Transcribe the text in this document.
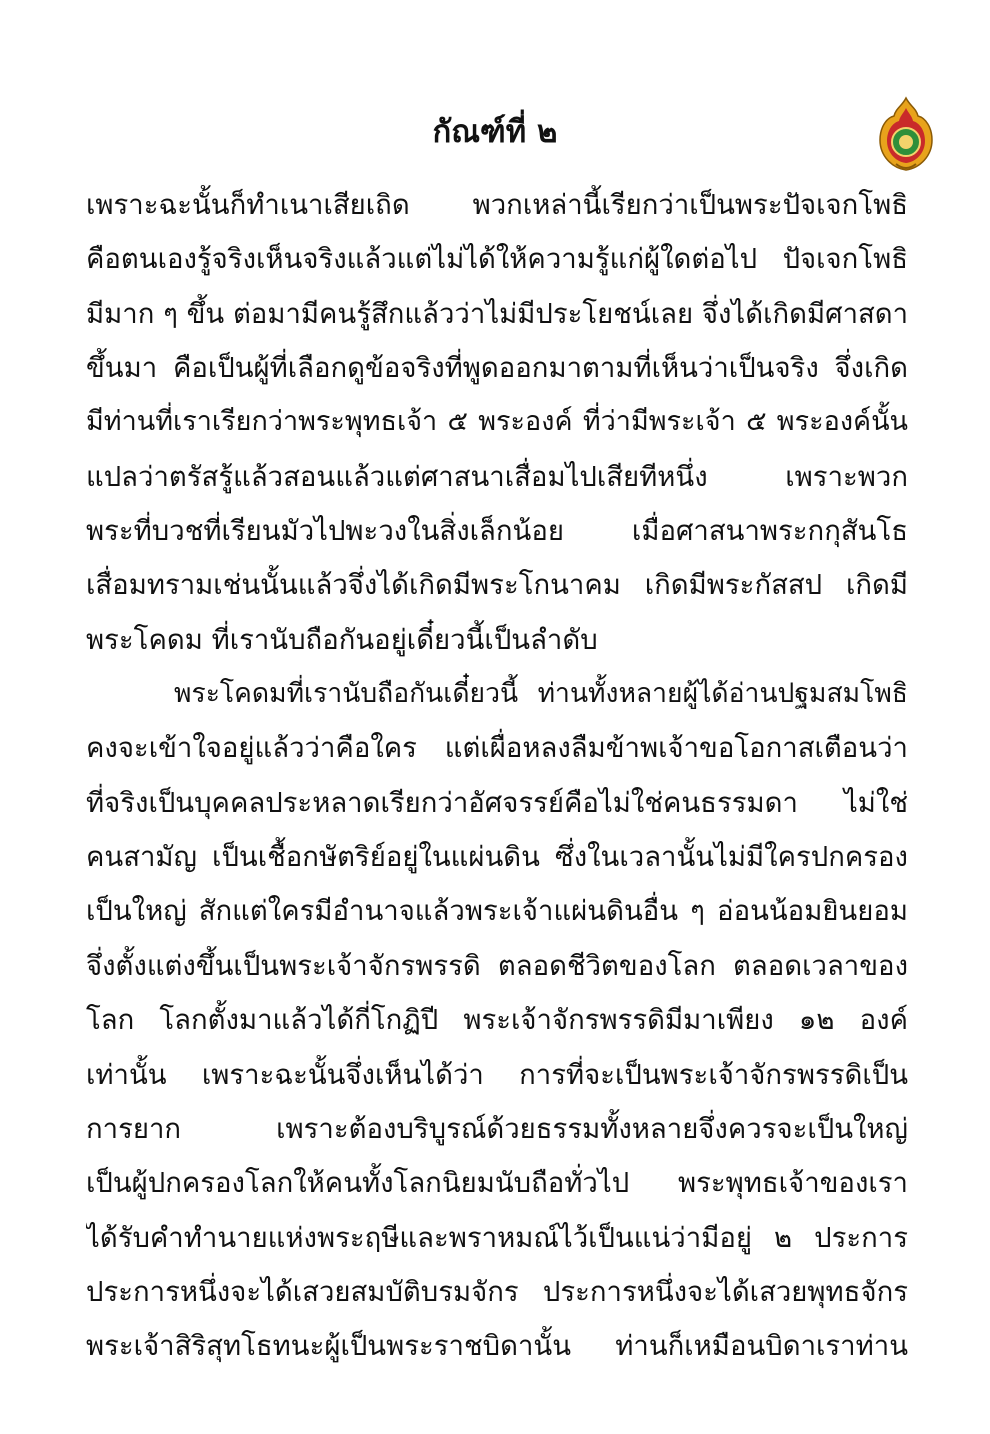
กัณฑ์ที่ ๒
เพราะฉะนั้นก็ทำเนาเสียเถิด พวกเหล่านี้เรียกว่าเป็นพระปัจเจกโพธิ
คือตนเองรู้จริงเห็นจริงแล้วแต่ไม่ได้ให้ความรู้แก่ผู้ใดต่อไป ปัจเจกโพธิ
มีมาก ๆ ขึ้น ต่อมามีคนรู้สึกแล้วว่าไม่มีประโยชน์เลย จึ่งได้เกิดมีศาสดา
ขึ้นมา คือเป็นผู้ที่เลือกดูข้อจริงที่พูดออกมาตามที่เห็นว่าเป็นจริง จึ่งเกิด
มีท่านที่เราเรียกว่าพระพุทธเจ้า ๕ พระองค์ ที่ว่ามีพระเจ้า ๕ พระองค์นั้น
แปลว่าตรัสรู้แล้วสอนแล้วแต่ศาสนาเสื่อมไปเสียทีหนึ่ง เพราะพวก
พระที่บวชที่เรียนมัวไปพะวงในสิ่งเล็กน้อย เมื่อศาสนาพระกกุสันโธ
เสื่อมทรามเช่นนั้นแล้วจึ่งได้เกิดมีพระโกนาคม เกิดมีพระกัสสป เกิดมี
พระโคดม ที่เรานับถือกันอยู่เดี๋ยวนี้เป็นลำดับ
พระโคดมที่เรานับถือกันเดี๋ยวนี้ ท่านทั้งหลายผู้ได้อ่านปฐมสมโพธิ
คงจะเข้าใจอยู่แล้วว่าคือใคร แต่เผื่อหลงลืมข้าพเจ้าขอโอกาสเตือนว่า
ที่จริงเป็นบุคคลประหลาดเรียกว่าอัศจรรย์คือไม่ใช่คนธรรมดา ไม่ใช่
คนสามัญ เป็นเชื้อกษัตริย์อยู่ในแผ่นดิน ซึ่งในเวลานั้นไม่มีใครปกครอง
เป็นใหญ่ สักแต่ใครมีอำนาจแล้วพระเจ้าแผ่นดินอื่น ๆ อ่อนน้อมยินยอม
จึ่งตั้งแต่งขึ้นเป็นพระเจ้าจักรพรรดิ ตลอดชีวิตของโลก ตลอดเวลาของ
โลก โลกตั้งมาแล้วได้กี่โกฏิปี พระเจ้าจักรพรรดิมีมาเพียง ๑๒ องค์
เท่านั้น เพราะฉะนั้นจึ่งเห็นได้ว่า การที่จะเป็นพระเจ้าจักรพรรดิเป็น
การยาก เพราะต้องบริบูรณ์ด้วยธรรมทั้งหลายจึ่งควรจะเป็นใหญ่
เป็นผู้ปกครองโลกให้คนทั้งโลกนิยมนับถือทั่วไป พระพุทธเจ้าของเรา
ได้รับคำทำนายแห่งพระฤษีและพราหมณ์ไว้เป็นแน่ว่ามีอยู่ ๒ ประการ
ประการหนึ่งจะได้เสวยสมบัติบรมจักร ประการหนึ่งจะได้เสวยพุทธจักร
พระเจ้าสิริสุทโธทนะผู้เป็นพระราชบิดานั้น ท่านก็เหมือนบิดาเราท่าน
